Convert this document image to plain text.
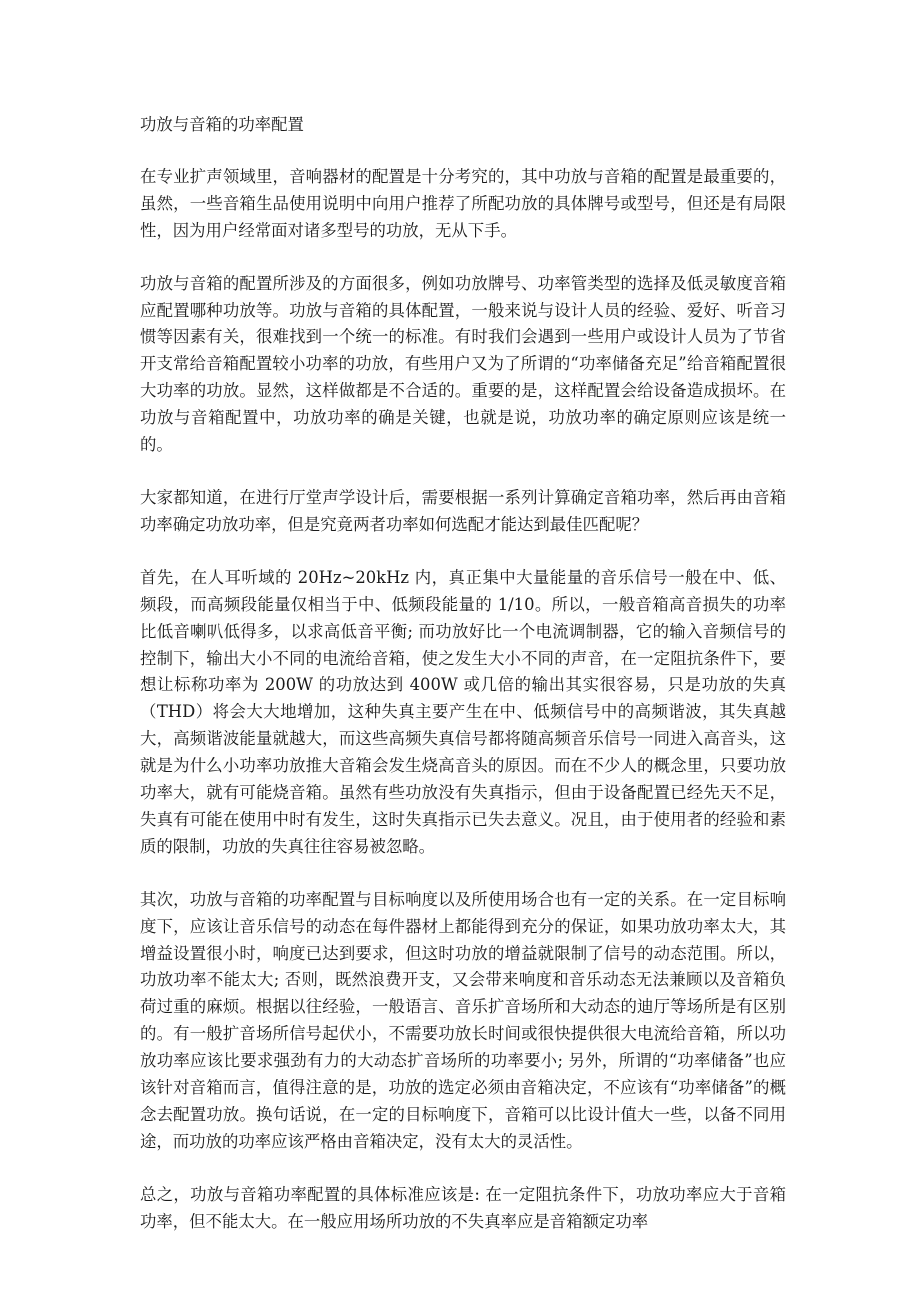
功放与音箱的功率配置

在专业扩声领域里，音响器材的配置是十分考究的，其中功放与音箱的配置是最重要的，虽然，一些音箱生品使用说明中向用户推荐了所配功放的具体牌号或型号，但还是有局限性，因为用户经常面对诸多型号的功放，无从下手。

功放与音箱的配置所涉及的方面很多，例如功放牌号、功率管类型的选择及低灵敏度音箱应配置哪种功放等。功放与音箱的具体配置，一般来说与设计人员的经验、爱好、听音习惯等因素有关，很难找到一个统一的标准。有时我们会遇到一些用户或设计人员为了节省开支常给音箱配置较小功率的功放，有些用户又为了所谓的“功率储备充足”给音箱配置很大功率的功放。显然，这样做都是不合适的。重要的是，这样配置会给设备造成损坏。在功放与音箱配置中，功放功率的确是关键，也就是说，功放功率的确定原则应该是统一的。

大家都知道，在进行厅堂声学设计后，需要根据一系列计算确定音箱功率，然后再由音箱功率确定功放功率，但是究竟两者功率如何选配才能达到最佳匹配呢？

首先，在人耳听域的 20Hz~20kHz 内，真正集中大量能量的音乐信号一般在中、低、频段，而高频段能量仅相当于中、低频段能量的 1/10。所以，一般音箱高音损失的功率比低音喇叭低得多，以求高低音平衡; 而功放好比一个电流调制器，它的输入音频信号的控制下，输出大小不同的电流给音箱，使之发生大小不同的声音，在一定阻抗条件下，要想让标称功率为 200W 的功放达到 400W 或几倍的输出其实很容易，只是功放的失真（THD）将会大大地增加，这种失真主要产生在中、低频信号中的高频谐波，其失真越大，高频谐波能量就越大，而这些高频失真信号都将随高频音乐信号一同进入高音头，这就是为什么小功率功放推大音箱会发生烧高音头的原因。而在不少人的概念里，只要功放功率大，就有可能烧音箱。虽然有些功放没有失真指示，但由于设备配置已经先天不足，失真有可能在使用中时有发生，这时失真指示已失去意义。况且，由于使用者的经验和素质的限制，功放的失真往往容易被忽略。

其次，功放与音箱的功率配置与目标响度以及所使用场合也有一定的关系。在一定目标响度下，应该让音乐信号的动态在每件器材上都能得到充分的保证，如果功放功率太大，其增益设置很小时，响度已达到要求，但这时功放的增益就限制了信号的动态范围。所以，功放功率不能太大; 否则，既然浪费开支，又会带来响度和音乐动态无法兼顾以及音箱负荷过重的麻烦。根据以往经验，一般语言、音乐扩音场所和大动态的迪厅等场所是有区别的。有一般扩音场所信号起伏小，不需要功放长时间或很快提供很大电流给音箱，所以功放功率应该比要求强劲有力的大动态扩音场所的功率要小; 另外，所谓的“功率储备”也应该针对音箱而言，值得注意的是，功放的选定必须由音箱决定，不应该有“功率储备”的概念去配置功放。换句话说，在一定的目标响度下，音箱可以比设计值大一些，以备不同用途，而功放的功率应该严格由音箱决定，没有太大的灵活性。

总之，功放与音箱功率配置的具体标准应该是: 在一定阻抗条件下，功放功率应大于音箱功率，但不能太大。在一般应用场所功放的不失真率应是音箱额定功率
